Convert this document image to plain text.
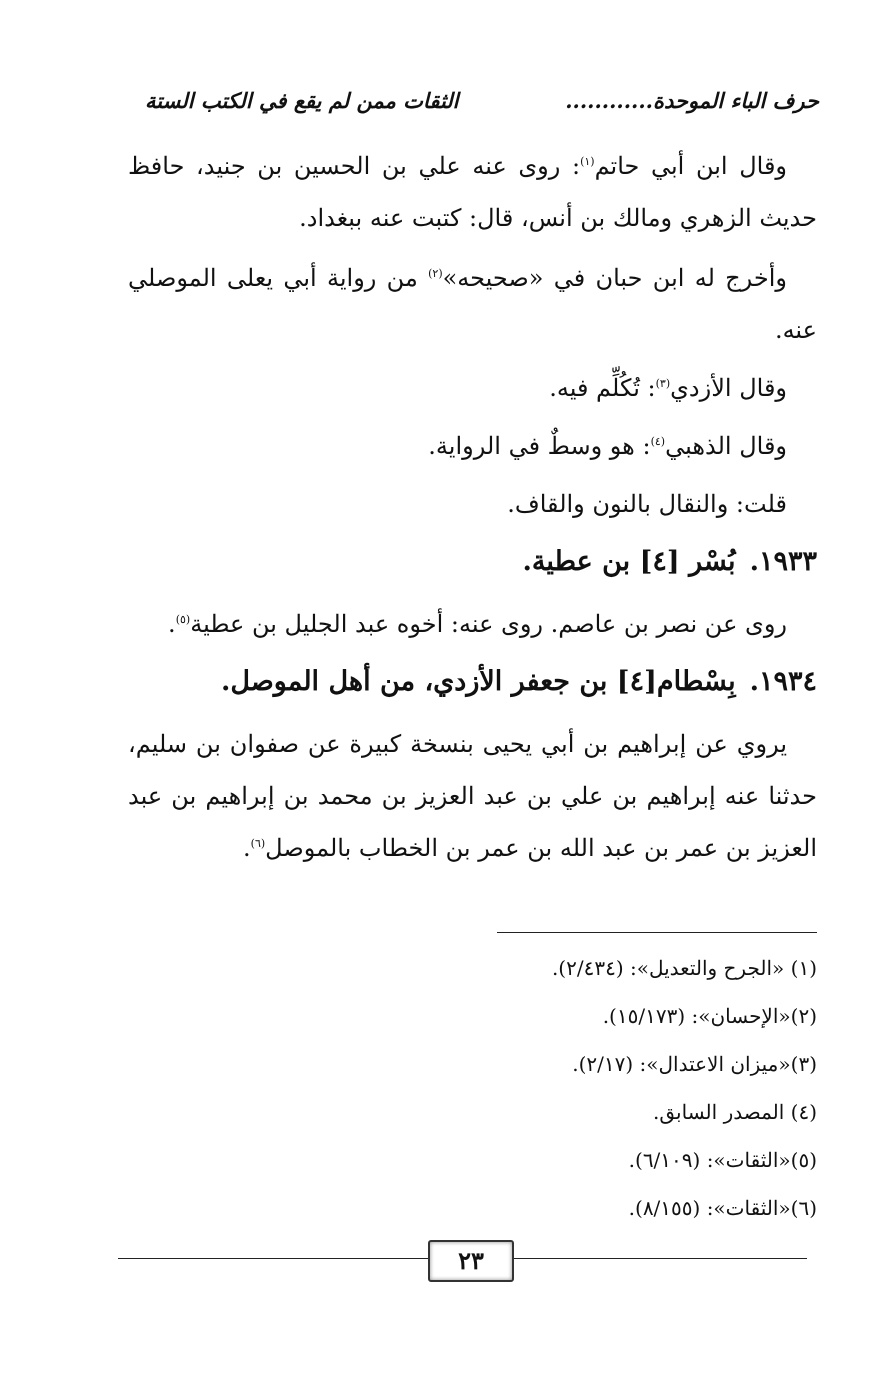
حرف الباء الموحدة............
الثقات ممن لم يقع في الكتب الستة

وقال ابن أبي حاتم$^{(١)}$: روى عنه علي بن الحسين بن جنيد، حافظ حديث الزهري ومالك بن أنس، قال: كتبت عنه ببغداد.

وأخرج له ابن حبان في «صحيحه»$^{(٢)}$ من رواية أبي يعلى الموصلي عنه.

وقال الأزدي$^{(٣)}$: تُكُلِّم فيه.

وقال الذهبي$^{(٤)}$: هو وسطٌ في الرواية.

قلت: والنقال بالنون والقاف.

١٩٣٣.بُسْر [٤] بن عطية.

روى عن نصر بن عاصم. روى عنه: أخوه عبد الجليل بن عطية$^{(٥)}$.

١٩٣٤.بِسْطام[٤] بن جعفر الأزدي، من أهل الموصل.

يروي عن إبراهيم بن أبي يحيى بنسخة كبيرة عن صفوان بن سليم، حدثنا عنه إبراهيم بن علي بن عبد العزيز بن محمد بن إبراهيم بن عبد العزيز بن عمر بن عبد الله بن عمر بن الخطاب بالموصل$^{(٦)}$.

(١) «الجرح والتعديل»: (٢/٤٣٤).

(٢)«الإحسان»: (١٥/١٧٣).

(٣)«ميزان الاعتدال»: (٢/١٧).

(٤) المصدر السابق.

(٥)«الثقات»: (٦/١٠٩).

(٦)«الثقات»: (٨/١٥٥).

٢٣
